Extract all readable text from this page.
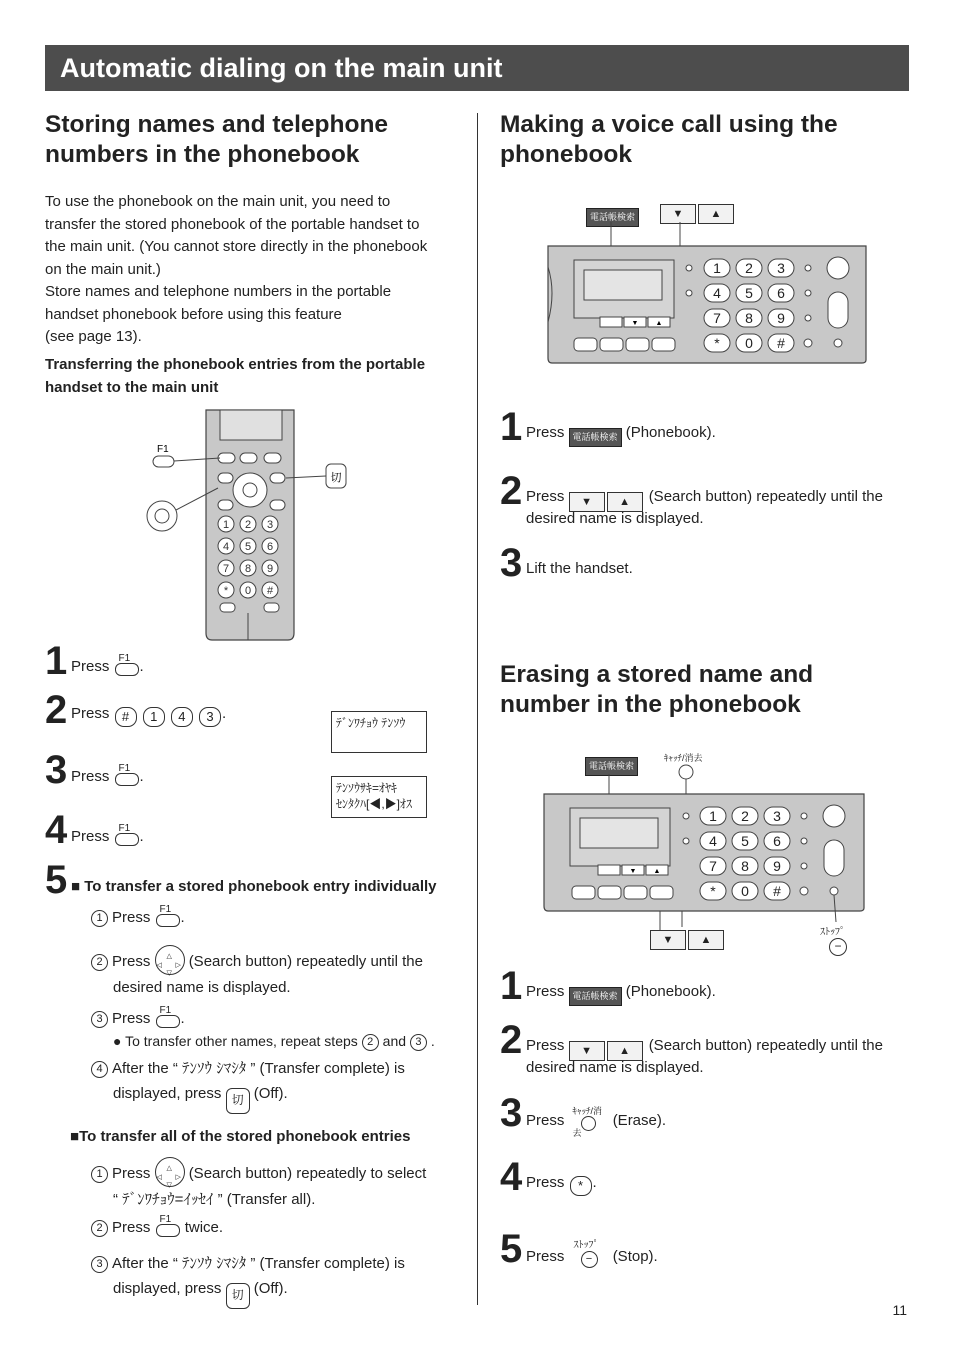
Automatic dialing on the main unit
Storing names and telephone numbers in the phonebook
To use the phonebook on the main unit, you need to
transfer the stored phonebook of the portable handset to
the main unit. (You cannot store directly in the phonebook
on the main unit.)
Store names and telephone numbers in the portable
handset phonebook before using this feature
(see page 13).
Transferring the phonebook entries from the portable
handset to the main unit
1 2 3
4 5 6
7 8 9
* 0 #
F1
切
1 Press F1 .
2 Press # 1 4 3 .
ﾃﾞﾝﾜﾁｮｳ ﾃﾝｿｳ
3 Press F1 .
ﾃﾝｿｳｻｷ=ｵﾔｷ
ｾﾝﾀｸﾊ[◀,▶]ｵｽ
4 Press F1 .
5 ■ To transfer a stored phonebook entry individually
1 Press F1 .
2 Press △
▽
◁ ▷ (Search button) repeatedly until the
desired name is displayed.
3 Press F1 .
● To transfer other names, repeat steps 2 and 3 .
4 After the “ ﾃﾝｿｳ ｼﾏｼﾀ ” (Transfer complete) is
displayed, press 切 (Off).
■To transfer all of the stored phonebook entries
1 Press △
▽
◁ ▷ (Search button) repeatedly to select
“ ﾃﾞﾝﾜﾁｮｳ=ｲｯｾｲ ” (Transfer all).
2 Press F1 twice.
3 After the “ ﾃﾝｿｳ ｼﾏｼﾀ ” (Transfer complete) is
displayed, press 切 (Off).
Making a voice call using the phonebook
電話帳検索	▼ ▲
▼ ▲
1 2 3
4 5 6
7 8 9
* 0 #
1 Press 電話帳検索 (Phonebook).
2 Press ▼ ▲ (Search button) repeatedly until the
desired name is displayed.
3 Lift the handset.
Erasing a stored name and number in the phonebook
電話帳検索
ｷｬｯﾁ/消去
▼ ▲
1 2 3
4 5 6
7 8 9
* 0 #
▼ ▲
ｽﾄｯﾌﾟ
−
1 Press 電話帳検索 (Phonebook).
2 Press ▼ ▲ (Search button) repeatedly until the
desired name is displayed.
3 Press
ｷｬｯﾁ/消去
(Erase).
4 Press * .
5 Press
ｽﾄｯﾌﾟ
−	(Stop).
11
